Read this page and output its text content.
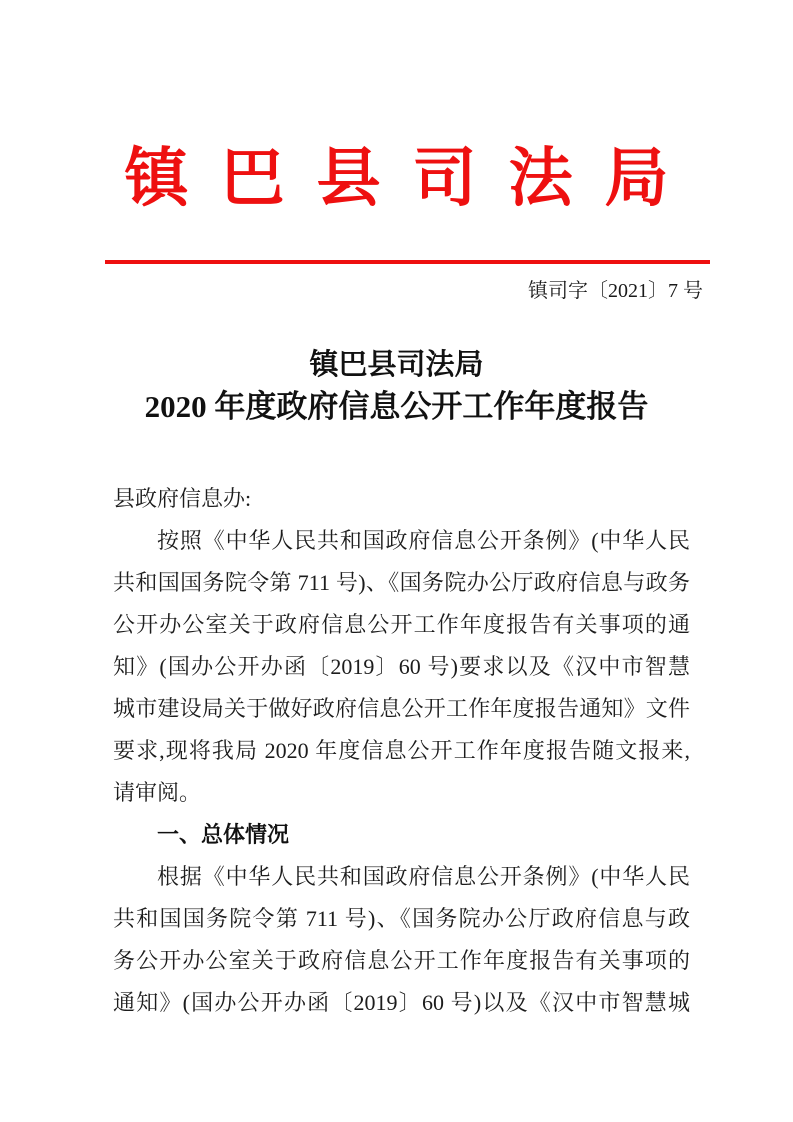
镇巴县司法局
镇司字〔2021〕7 号
镇巴县司法局
2020 年度政府信息公开工作年度报告
县政府信息办:
按照《中华人民共和国政府信息公开条例》(中华人民
共和国国务院令第 711 号)、《国务院办公厅政府信息与政务
公开办公室关于政府信息公开工作年度报告有关事项的通
知》(国办公开办函〔2019〕60 号)要求以及《汉中市智慧
城市建设局关于做好政府信息公开工作年度报告通知》文件
要求,现将我局 2020 年度信息公开工作年度报告随文报来,
请审阅。
一、总体情况
根据《中华人民共和国政府信息公开条例》(中华人民
共和国国务院令第 711 号)、《国务院办公厅政府信息与政
务公开办公室关于政府信息公开工作年度报告有关事项的
通知》(国办公开办函〔2019〕60 号)以及《汉中市智慧城
